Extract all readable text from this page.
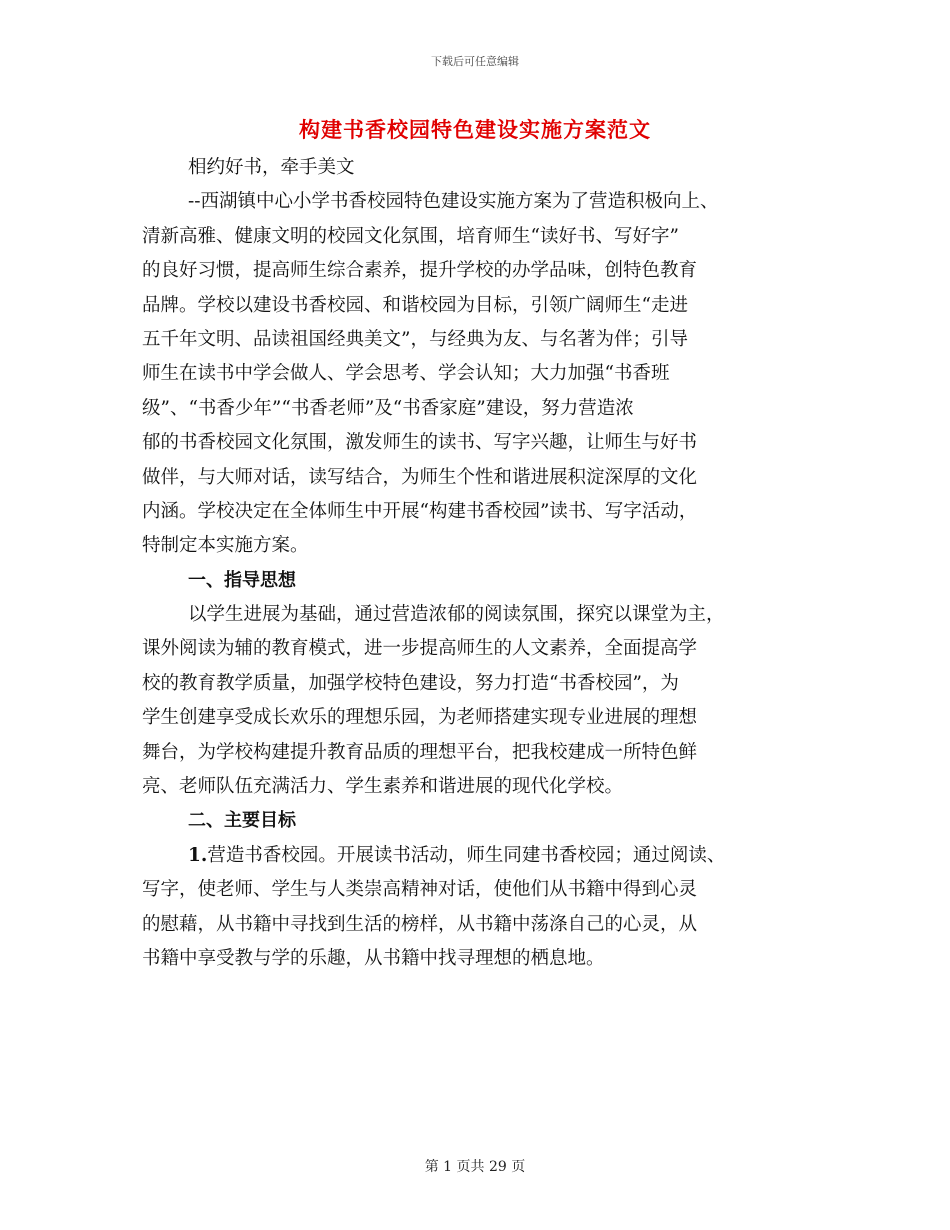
下载后可任意编辑
构建书香校园特色建设实施方案范文
相约好书，牵手美文
--西湖镇中心小学书香校园特色建设实施方案为了营造积极向上、
清新高雅、健康文明的校园文化氛围，培育师生“读好书、写好字”
的良好习惯，提高师生综合素养，提升学校的办学品味，创特色教育
品牌。学校以建设书香校园、和谐校园为目标，引领广阔师生“走进
五千年文明、品读祖国经典美文”，与经典为友、与名著为伴；引导
师生在读书中学会做人、学会思考、学会认知；大力加强“书香班
级”、“书香少年”“书香老师”及“书香家庭”建设，努力营造浓
郁的书香校园文化氛围，激发师生的读书、写字兴趣，让师生与好书
做伴，与大师对话，读写结合，为师生个性和谐进展积淀深厚的文化
内涵。学校决定在全体师生中开展“构建书香校园”读书、写字活动，
特制定本实施方案。
一、指导思想
以学生进展为基础，通过营造浓郁的阅读氛围，探究以课堂为主，
课外阅读为辅的教育模式，进一步提高师生的人文素养，全面提高学
校的教育教学质量，加强学校特色建设，努力打造“书香校园”，为
学生创建享受成长欢乐的理想乐园，为老师搭建实现专业进展的理想
舞台，为学校构建提升教育品质的理想平台，把我校建成一所特色鲜
亮、老师队伍充满活力、学生素养和谐进展的现代化学校。
二、主要目标
1.营造书香校园。开展读书活动，师生同建书香校园；通过阅读、
写字，使老师、学生与人类崇高精神对话，使他们从书籍中得到心灵
的慰藉，从书籍中寻找到生活的榜样，从书籍中荡涤自己的心灵，从
书籍中享受教与学的乐趣，从书籍中找寻理想的栖息地。
第 1 页共 29 页
